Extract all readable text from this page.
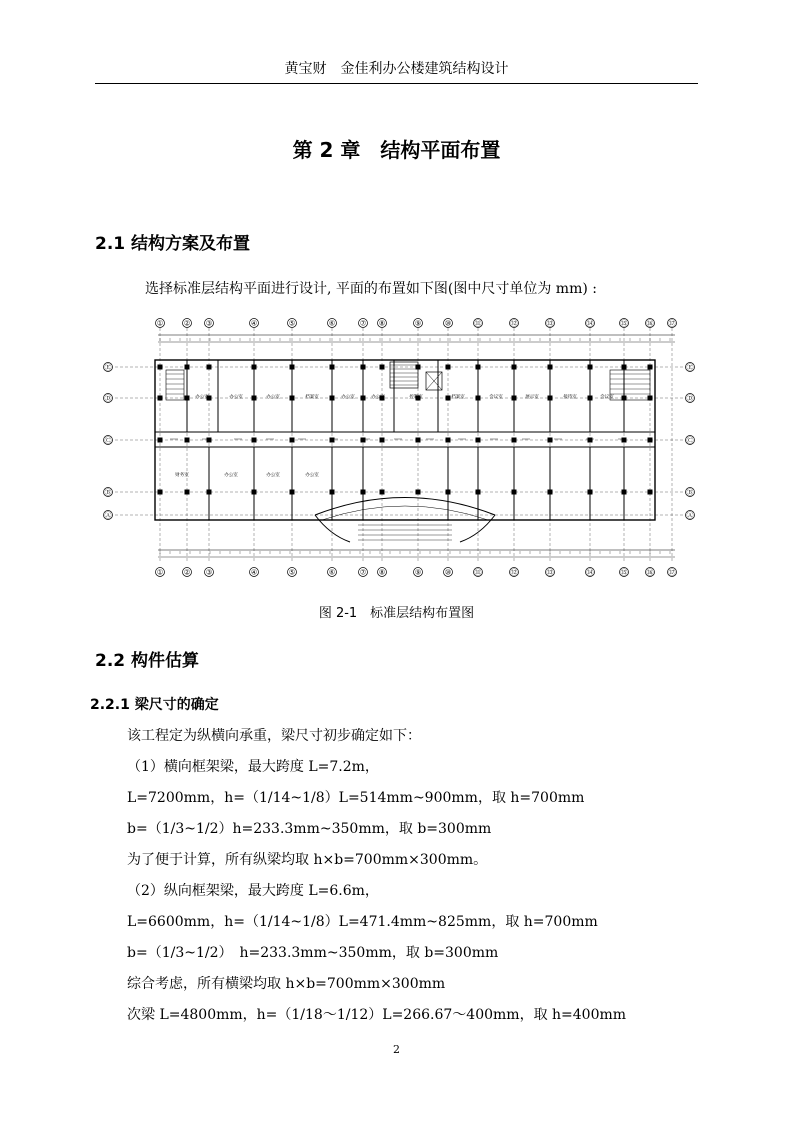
黄宝财　金佳利办公楼建筑结构设计
第 2 章　结构平面布置
2.1 结构方案及布置
选择标准层结构平面进行设计, 平面的布置如下图(图中尺寸单位为 mm) :
①
①
②
②
③
③
④
④
⑤
⑤
⑥
⑥
⑦
⑦
⑧
⑧
⑨
⑨
⑩
⑩
⑪
⑪
⑫
⑫
⑬
⑬
⑭
⑭
⑮
⑮
⑯
⑯
⑰
⑰
Ⓔ	Ⓔ
Ⓓ	Ⓓ
Ⓒ	Ⓒ
Ⓑ	Ⓑ
Ⓐ	Ⓐ
办公室	办公室	办公室	档案室	办公室	办公室	控制室	档案室	会议室	展示室	接待室	会议室
财务室	办公室	办公室	办公室
图 2-1　标准层结构布置图
2.2 构件估算
2.2.1 梁尺寸的确定
该工程定为纵横向承重，梁尺寸初步确定如下：
（1）横向框架梁，最大跨度 L=7.2m，
L=7200mm，h=（1/14~1/8）L=514mm~900mm，取 h=700mm
b=（1/3~1/2）h=233.3mm~350mm，取 b=300mm
为了便于计算，所有纵梁均取 h×b=700mm×300mm。
（2）纵向框架梁，最大跨度 L=6.6m，
L=6600mm，h=（1/14~1/8）L=471.4mm~825mm，取 h=700mm
b=（1/3~1/2）　h=233.3mm~350mm，取 b=300mm
综合考虑，所有横梁均取 h×b=700mm×300mm
次梁 L=4800mm，h=（1/18～1/12）L=266.67～400mm，取 h=400mm
2
